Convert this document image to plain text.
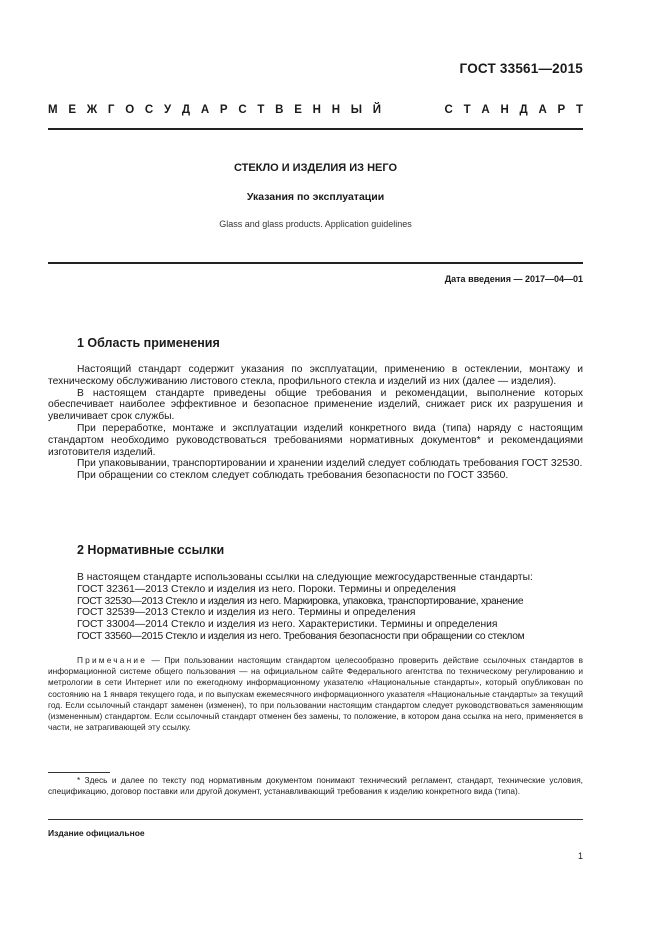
ГОСТ 33561—2015
М Е Ж Г О С У Д А Р С Т В Е Н Н Ы Й	С Т А Н Д А Р Т
СТЕКЛО И ИЗДЕЛИЯ ИЗ НЕГО
Указания по эксплуатации
Glass and glass products. Application guidelines
Дата введения — 2017—04—01
1 Область применения

Настоящий стандарт содержит указания по эксплуатации, применению в остеклении, монтажу и техническому обслуживанию листового стекла, профильного стекла и изделий из них (далее — изделия).

В настоящем стандарте приведены общие требования и рекомендации, выполнение которых обеспечивает наиболее эффективное и безопасное применение изделий, снижает риск их разрушения и увеличивает срок службы.

При переработке, монтаже и эксплуатации изделий конкретного вида (типа) наряду с настоящим стандартом необходимо руководствоваться требованиями нормативных документов* и рекомендациями изготовителя изделий.

При упаковывании, транспортировании и хранении изделий следует соблюдать требования ГОСТ 32530.

При обращении со стеклом следует соблюдать требования безопасности по ГОСТ 33560.

2 Нормативные ссылки

В настоящем стандарте использованы ссылки на следующие межгосударственные стандарты:

ГОСТ 32361—2013 Стекло и изделия из него. Пороки. Термины и определения

ГОСТ 32530—2013 Стекло и изделия из него. Маркировка, упаковка, транспортирование, хранение

ГОСТ 32539—2013 Стекло и изделия из него. Термины и определения

ГОСТ 33004—2014 Стекло и изделия из него. Характеристики. Термины и определения

ГОСТ 33560—2015 Стекло и изделия из него. Требования безопасности при обращении со стеклом

Примечание — При пользовании настоящим стандартом целесообразно проверить действие ссылочных стандартов в информационной системе общего пользования — на официальном сайте Федерального агентства по техническому регулированию и метрологии в сети Интернет или по ежегодному информационному указателю «Национальные стандарты», который опубликован по состоянию на 1 января текущего года, и по выпускам ежемесячного информационного указателя «Национальные стандарты» за текущий год. Если ссылочный стандарт заменен (изменен), то при пользовании настоящим стандартом следует руководствоваться заменяющим (измененным) стандартом. Если ссылочный стандарт отменен без замены, то положение, в котором дана ссылка на него, применяется в части, не затрагивающей эту ссылку.

* Здесь и далее по тексту под нормативным документом понимают технический регламент, стандарт, технические условия, спецификацию, договор поставки или другой документ, устанавливающий требования к изделию конкретного вида (типа).

Издание официальное
1
